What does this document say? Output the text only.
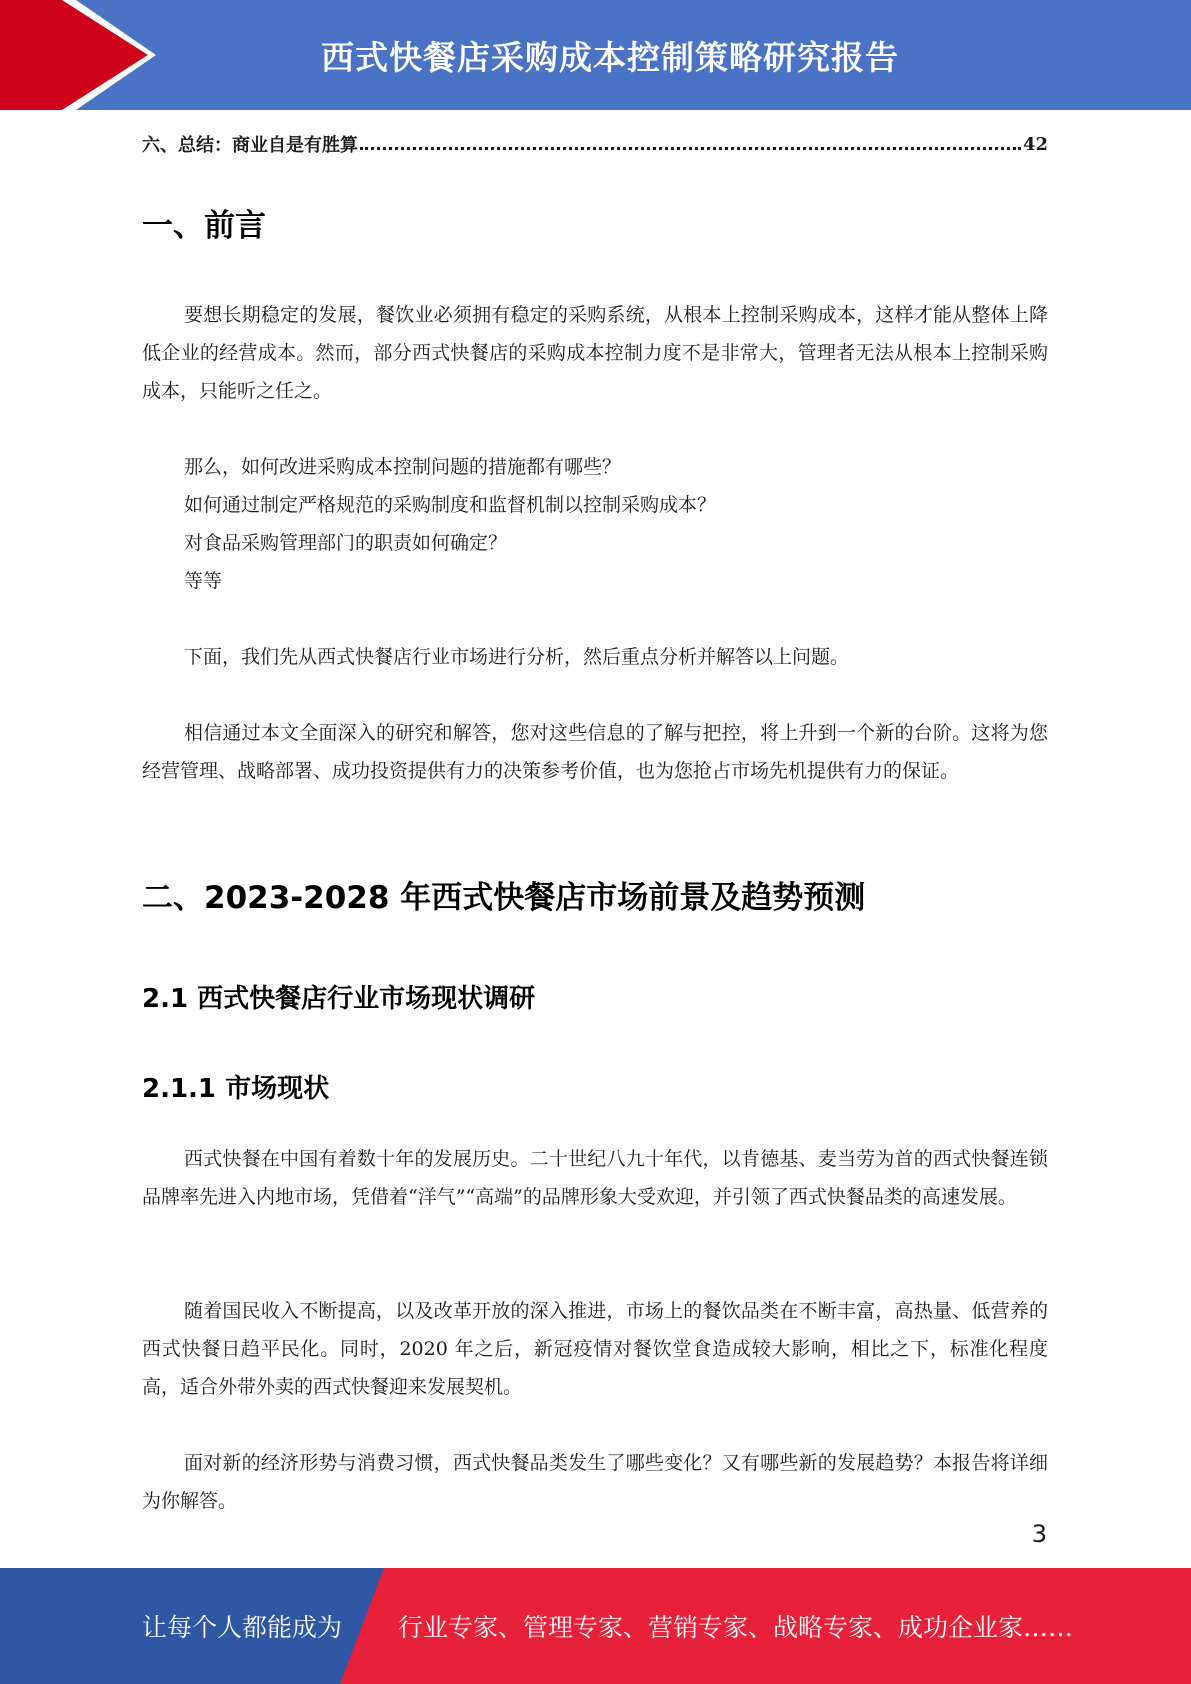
西式快餐店采购成本控制策略研究报告
六、总结：商业自是有胜算	42
一、前言

要想长期稳定的发展，餐饮业必须拥有稳定的采购系统，从根本上控制采购成本，这样才能从整体上降低企业的经营成本。然而，部分西式快餐店的采购成本控制力度不是非常大，管理者无法从根本上控制采购成本，只能听之任之。

那么，如何改进采购成本控制问题的措施都有哪些？
如何通过制定严格规范的采购制度和监督机制以控制采购成本？
对食品采购管理部门的职责如何确定？
等等

下面，我们先从西式快餐店行业市场进行分析，然后重点分析并解答以上问题。

相信通过本文全面深入的研究和解答，您对这些信息的了解与把控，将上升到一个新的台阶。这将为您经营管理、战略部署、成功投资提供有力的决策参考价值，也为您抢占市场先机提供有力的保证。

二、2023-2028 年西式快餐店市场前景及趋势预测
2.1 西式快餐店行业市场现状调研
2.1.1 市场现状

西式快餐在中国有着数十年的发展历史。二十世纪八九十年代，以肯德基、麦当劳为首的西式快餐连锁品牌率先进入内地市场，凭借着“洋气”“高端”的品牌形象大受欢迎，并引领了西式快餐品类的高速发展。

随着国民收入不断提高，以及改革开放的深入推进，市场上的餐饮品类在不断丰富，高热量、低营养的西式快餐日趋平民化。同时，2020 年之后，新冠疫情对餐饮堂食造成较大影响，相比之下，标准化程度高，适合外带外卖的西式快餐迎来发展契机。

面对新的经济形势与消费习惯，西式快餐品类发生了哪些变化？又有哪些新的发展趋势？本报告将详细为你解答。

3
让每个人都能成为 行业专家、管理专家、营销专家、战略专家、成功企业家……
